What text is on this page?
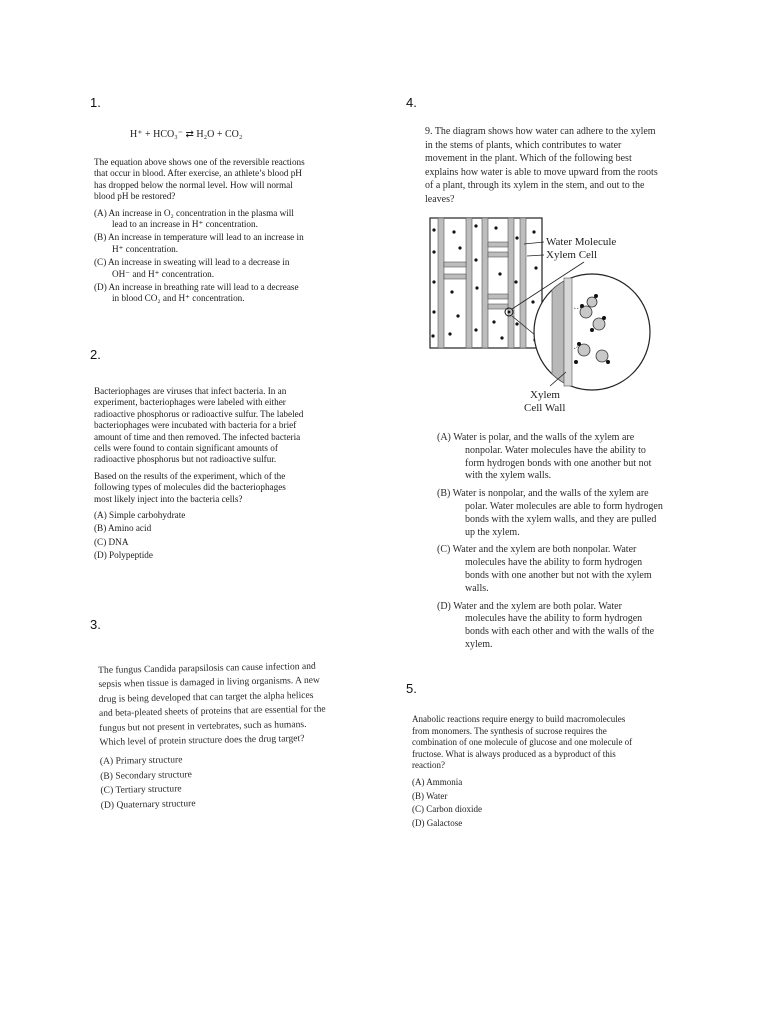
1.
H⁺ + HCO₃⁻ ⇄ H₂O + CO₂

The equation above shows one of the reversible reactions that occur in blood. After exercise, an athlete’s blood pH has dropped below the normal level. How will normal blood pH be restored?

(A) An increase in O₂ concentration in the plasma will lead to an increase in H⁺ concentration.
(B) An increase in temperature will lead to an increase in H⁺ concentration.
(C) An increase in sweating will lead to a decrease in OH⁻ and H⁺ concentration.
(D) An increase in breathing rate will lead to a decrease in blood CO₂ and H⁺ concentration.
2.

Bacteriophages are viruses that infect bacteria. In an experiment, bacteriophages were labeled with either radioactive phosphorus or radioactive sulfur. The labeled bacteriophages were incubated with bacteria for a brief amount of time and then removed. The infected bacteria cells were found to contain significant amounts of radioactive phosphorus but not radioactive sulfur.

Based on the results of the experiment, which of the following types of molecules did the bacteriophages most likely inject into the bacteria cells?

(A) Simple carbohydrate
(B) Amino acid
(C) DNA
(D) Polypeptide
3.

The fungus Candida parapsilosis can cause infection and sepsis when tissue is damaged in living organisms. A new drug is being developed that can target the alpha helices and beta-pleated sheets of proteins that are essential for the fungus but not present in vertebrates, such as humans. Which level of protein structure does the drug target?

(A) Primary structure
(B) Secondary structure
(C) Tertiary structure
(D) Quaternary structure
4.
9. The diagram shows how water can adhere to the xylem in the stems of plants, which contributes to water movement in the plant. Which of the following best explains how water is able to move upward from the roots of a plant, through its xylem in the stem, and out to the leaves?
Water Molecule
Xylem Cell
Xylem
Cell Wall
(A) Water is polar, and the walls of the xylem are nonpolar. Water molecules have the ability to form hydrogen bonds with one another but not with the xylem walls.
(B) Water is nonpolar, and the walls of the xylem are polar. Water molecules are able to form hydrogen bonds with the xylem walls, and they are pulled up the xylem.
(C) Water and the xylem are both nonpolar. Water molecules have the ability to form hydrogen bonds with one another but not with the xylem walls.
(D) Water and the xylem are both polar. Water molecules have the ability to form hydrogen bonds with each other and with the walls of the xylem.
5.

Anabolic reactions require energy to build macromolecules from monomers. The synthesis of sucrose requires the combination of one molecule of glucose and one molecule of fructose. What is always produced as a byproduct of this reaction?

(A) Ammonia
(B) Water
(C) Carbon dioxide
(D) Galactose
